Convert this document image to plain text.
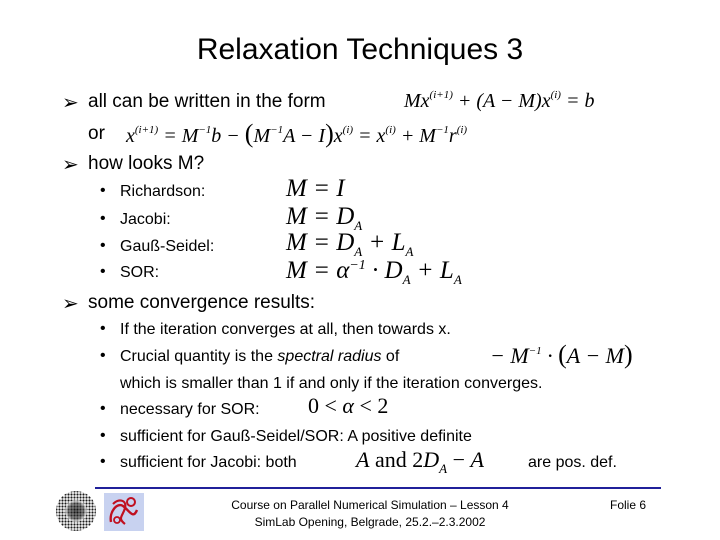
Relaxation Techniques 3
➢ all can be written in the form	$Mx^{(i+1)} + (A - M)x^{(i)} = b$
or $x^{(i+1)} = M^{-1}b - (M^{-1}A - I)x^{(i)} = x^{(i)} + M^{-1}r^{(i)}$
➢ how looks M?
• Richardson:	M = I
• Jacobi:	$M = D_A$
• Gauß-Seidel:	$M = D_A + L_A$
• SOR:	$M = \alpha^{-1} \cdot D_A + L_A$
➢ some convergence results:
• If the iteration converges at all, then towards x.
• Crucial quantity is the spectral radius of	− $M^{-1} \cdot (A - M)$
which is smaller than 1 if and only if the iteration converges.
• necessary for SOR: 0 < α < 2
• sufficient for Gauß-Seidel/SOR: A positive definite
• sufficient for Jacobi: both	A and $2D_A - A$	are pos. def.
Course on Parallel Numerical Simulation – Lesson 4
SimLab Opening, Belgrade, 25.2.–2.3.2002
Folie 6
